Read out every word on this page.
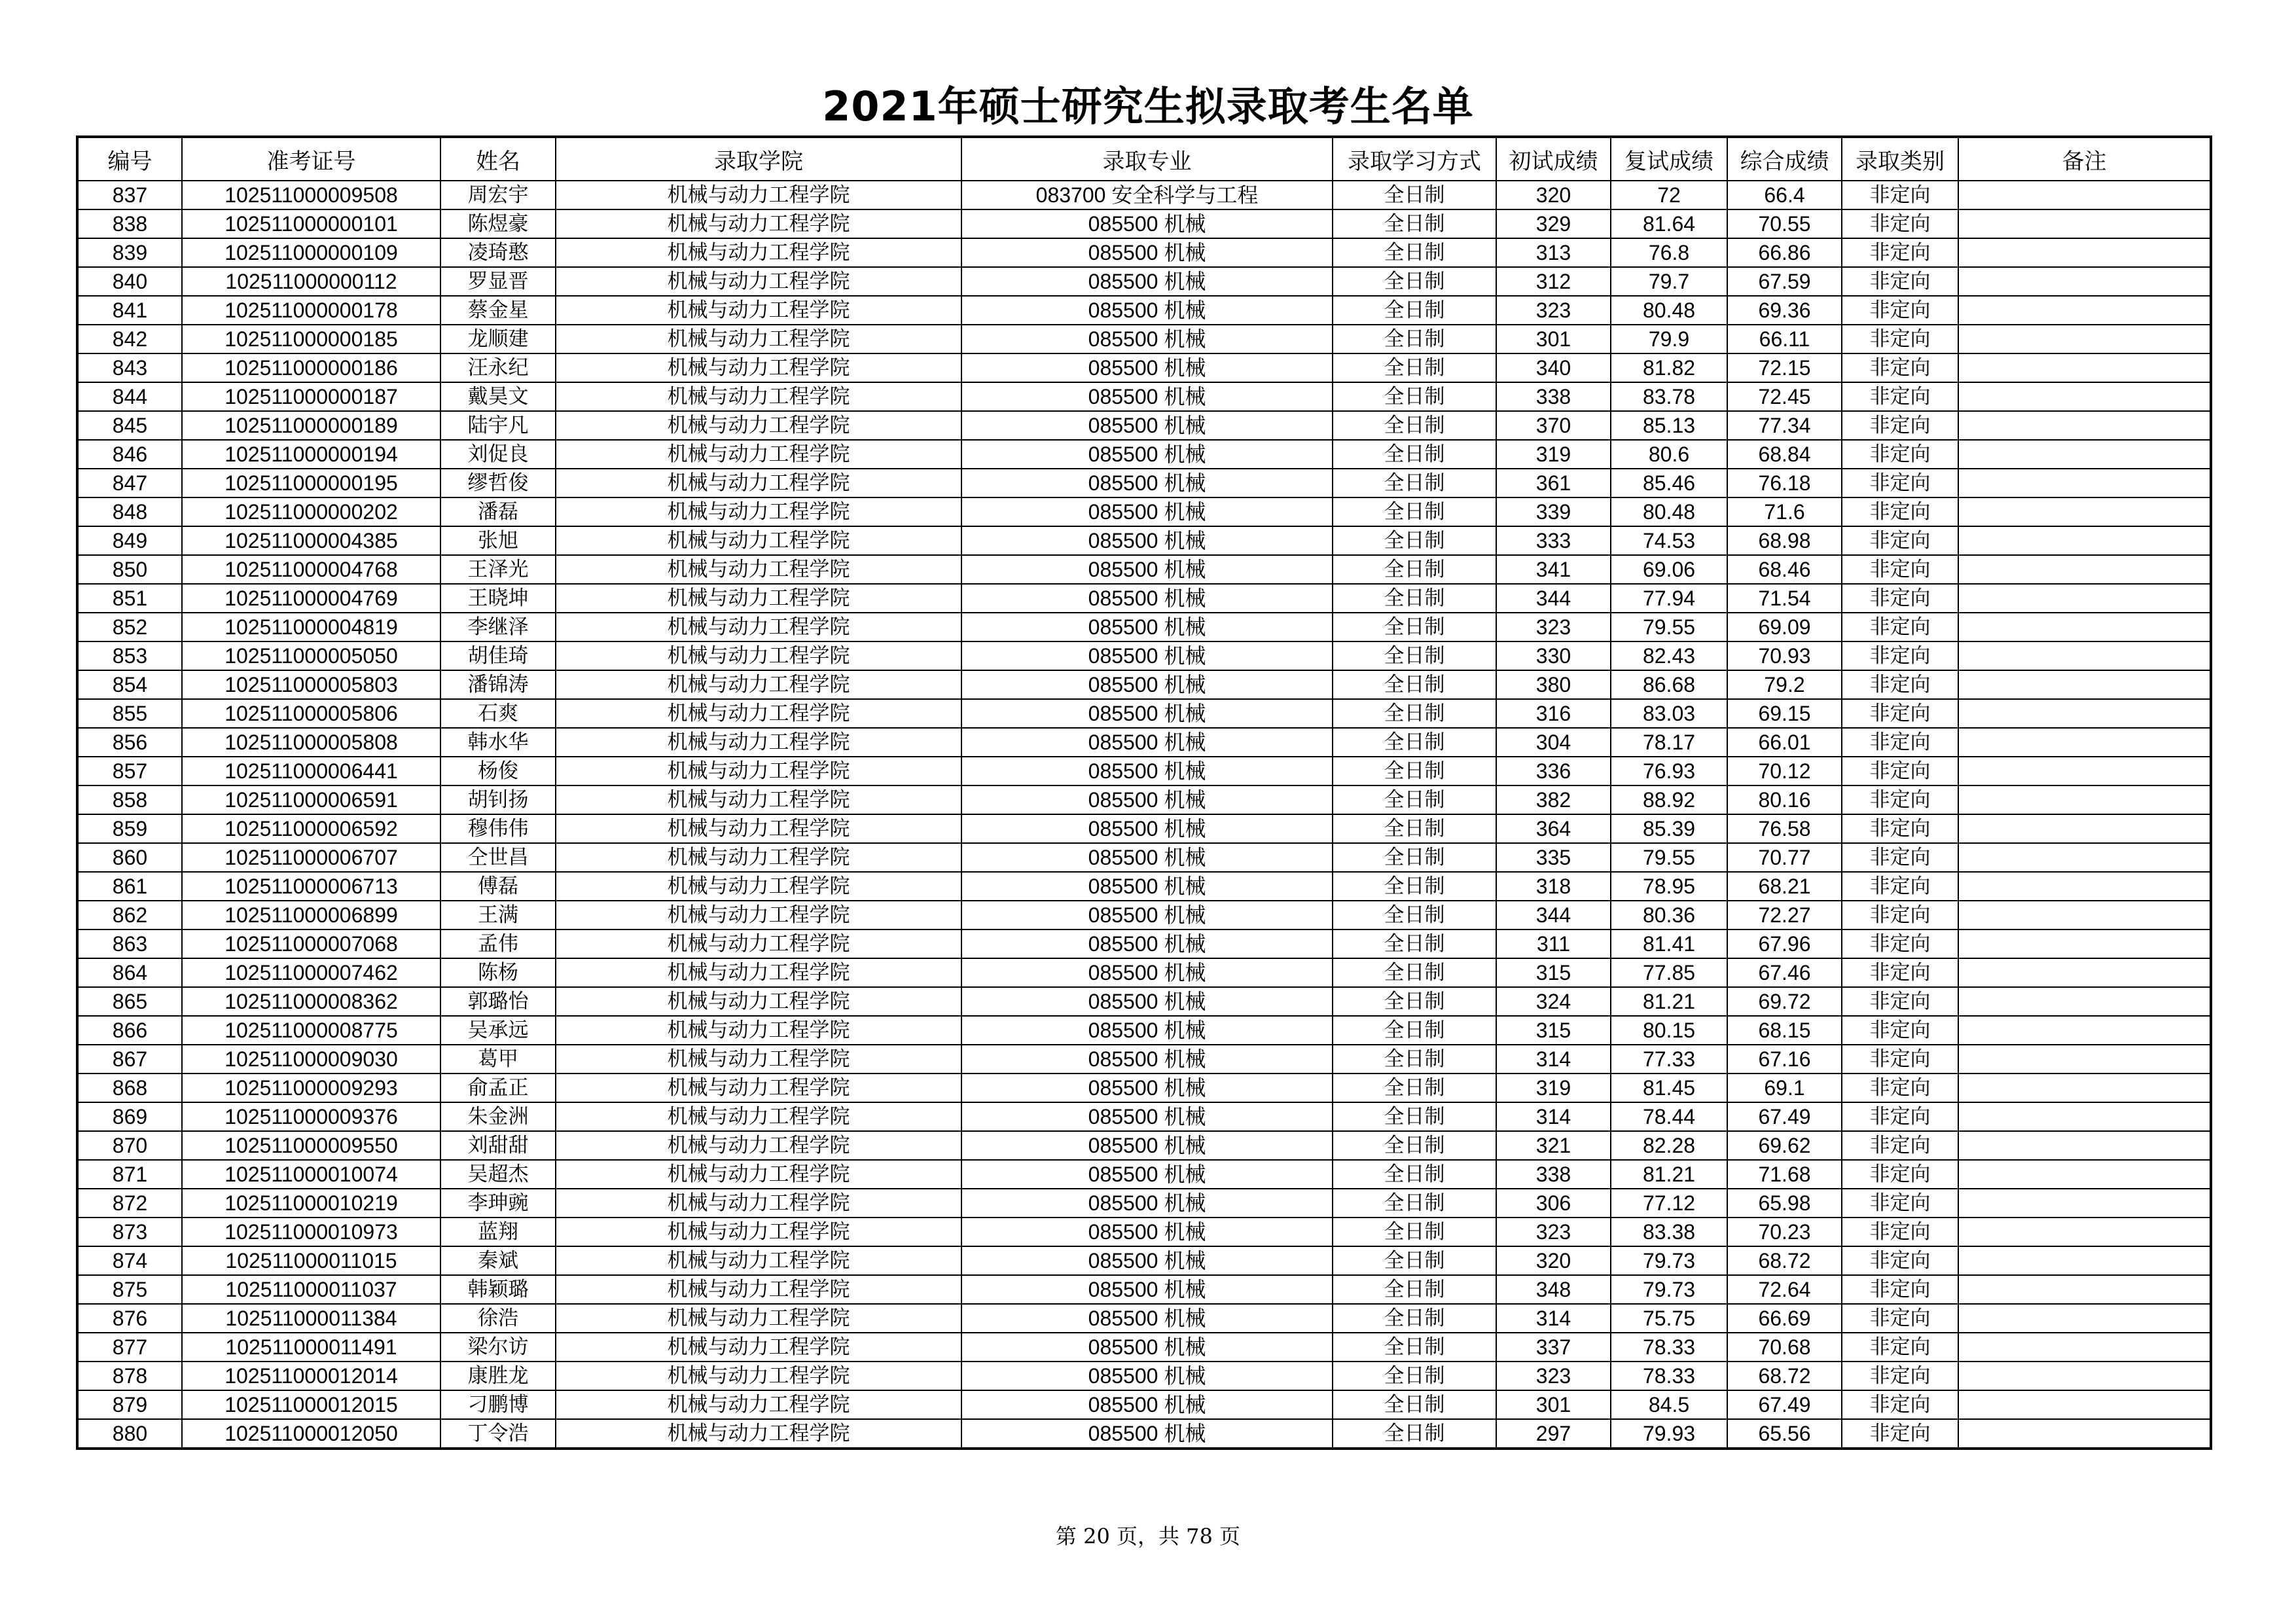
2021年硕士研究生拟录取考生名单
编号	准考证号	姓名	录取学院	录取专业	录取学习方式	初试成绩	复试成绩	综合成绩	录取类别	备注
837	102511000009508	周宏宇	机械与动力工程学院	083700 安全科学与工程	全日制	320	72	66.4	非定向	
838	102511000000101	陈煜豪	机械与动力工程学院	085500 机械	全日制	329	81.64	70.55	非定向	
839	102511000000109	凌琦憨	机械与动力工程学院	085500 机械	全日制	313	76.8	66.86	非定向	
840	102511000000112	罗显晋	机械与动力工程学院	085500 机械	全日制	312	79.7	67.59	非定向	
841	102511000000178	蔡金星	机械与动力工程学院	085500 机械	全日制	323	80.48	69.36	非定向	
842	102511000000185	龙顺建	机械与动力工程学院	085500 机械	全日制	301	79.9	66.11	非定向	
843	102511000000186	汪永纪	机械与动力工程学院	085500 机械	全日制	340	81.82	72.15	非定向	
844	102511000000187	戴昊文	机械与动力工程学院	085500 机械	全日制	338	83.78	72.45	非定向	
845	102511000000189	陆宇凡	机械与动力工程学院	085500 机械	全日制	370	85.13	77.34	非定向	
846	102511000000194	刘促良	机械与动力工程学院	085500 机械	全日制	319	80.6	68.84	非定向	
847	102511000000195	缪哲俊	机械与动力工程学院	085500 机械	全日制	361	85.46	76.18	非定向	
848	102511000000202	潘磊	机械与动力工程学院	085500 机械	全日制	339	80.48	71.6	非定向	
849	102511000004385	张旭	机械与动力工程学院	085500 机械	全日制	333	74.53	68.98	非定向	
850	102511000004768	王泽光	机械与动力工程学院	085500 机械	全日制	341	69.06	68.46	非定向	
851	102511000004769	王晓坤	机械与动力工程学院	085500 机械	全日制	344	77.94	71.54	非定向	
852	102511000004819	李继泽	机械与动力工程学院	085500 机械	全日制	323	79.55	69.09	非定向	
853	102511000005050	胡佳琦	机械与动力工程学院	085500 机械	全日制	330	82.43	70.93	非定向	
854	102511000005803	潘锦涛	机械与动力工程学院	085500 机械	全日制	380	86.68	79.2	非定向	
855	102511000005806	石爽	机械与动力工程学院	085500 机械	全日制	316	83.03	69.15	非定向	
856	102511000005808	韩水华	机械与动力工程学院	085500 机械	全日制	304	78.17	66.01	非定向	
857	102511000006441	杨俊	机械与动力工程学院	085500 机械	全日制	336	76.93	70.12	非定向	
858	102511000006591	胡钊扬	机械与动力工程学院	085500 机械	全日制	382	88.92	80.16	非定向	
859	102511000006592	穆伟伟	机械与动力工程学院	085500 机械	全日制	364	85.39	76.58	非定向	
860	102511000006707	仝世昌	机械与动力工程学院	085500 机械	全日制	335	79.55	70.77	非定向	
861	102511000006713	傅磊	机械与动力工程学院	085500 机械	全日制	318	78.95	68.21	非定向	
862	102511000006899	王满	机械与动力工程学院	085500 机械	全日制	344	80.36	72.27	非定向	
863	102511000007068	孟伟	机械与动力工程学院	085500 机械	全日制	311	81.41	67.96	非定向	
864	102511000007462	陈杨	机械与动力工程学院	085500 机械	全日制	315	77.85	67.46	非定向	
865	102511000008362	郭璐怡	机械与动力工程学院	085500 机械	全日制	324	81.21	69.72	非定向	
866	102511000008775	吴承远	机械与动力工程学院	085500 机械	全日制	315	80.15	68.15	非定向	
867	102511000009030	葛甲	机械与动力工程学院	085500 机械	全日制	314	77.33	67.16	非定向	
868	102511000009293	俞孟正	机械与动力工程学院	085500 机械	全日制	319	81.45	69.1	非定向	
869	102511000009376	朱金洲	机械与动力工程学院	085500 机械	全日制	314	78.44	67.49	非定向	
870	102511000009550	刘甜甜	机械与动力工程学院	085500 机械	全日制	321	82.28	69.62	非定向	
871	102511000010074	吴超杰	机械与动力工程学院	085500 机械	全日制	338	81.21	71.68	非定向	
872	102511000010219	李珅豌	机械与动力工程学院	085500 机械	全日制	306	77.12	65.98	非定向	
873	102511000010973	蓝翔	机械与动力工程学院	085500 机械	全日制	323	83.38	70.23	非定向	
874	102511000011015	秦斌	机械与动力工程学院	085500 机械	全日制	320	79.73	68.72	非定向	
875	102511000011037	韩颖璐	机械与动力工程学院	085500 机械	全日制	348	79.73	72.64	非定向	
876	102511000011384	徐浩	机械与动力工程学院	085500 机械	全日制	314	75.75	66.69	非定向	
877	102511000011491	梁尔访	机械与动力工程学院	085500 机械	全日制	337	78.33	70.68	非定向	
878	102511000012014	康胜龙	机械与动力工程学院	085500 机械	全日制	323	78.33	68.72	非定向	
879	102511000012015	刁鹏博	机械与动力工程学院	085500 机械	全日制	301	84.5	67.49	非定向	
880	102511000012050	丁令浩	机械与动力工程学院	085500 机械	全日制	297	79.93	65.56	非定向	
第 20 页，共 78 页
